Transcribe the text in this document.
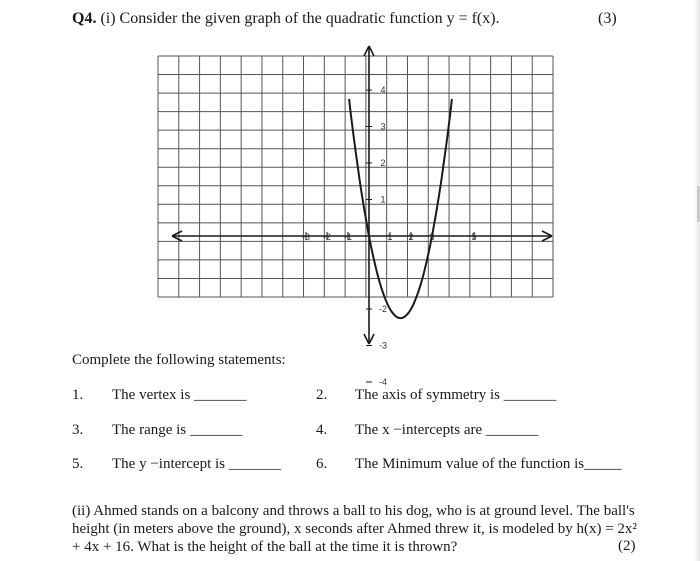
Q4. (i) Consider the given graph of the quadratic function y = f(x).	(3)
-3 -2 -1	1 2 3	5
4
3
2
1
-2
-3
-4
Complete the following statements:
1. The vertex is _______	2. The axis of symmetry is _______
3. The range is _______	4. The x −intercepts are _______
5. The y −intercept is _______ 6. The Minimum value of the function is_____
(ii) Ahmed stands on a balcony and throws a ball to his dog, who is at ground level. The ball's height (in meters above the ground), x seconds after Ahmed threw it, is modeled by h(x) = 2x² + 4x + 16. What is the height of the ball at the time it is thrown?	(2)
